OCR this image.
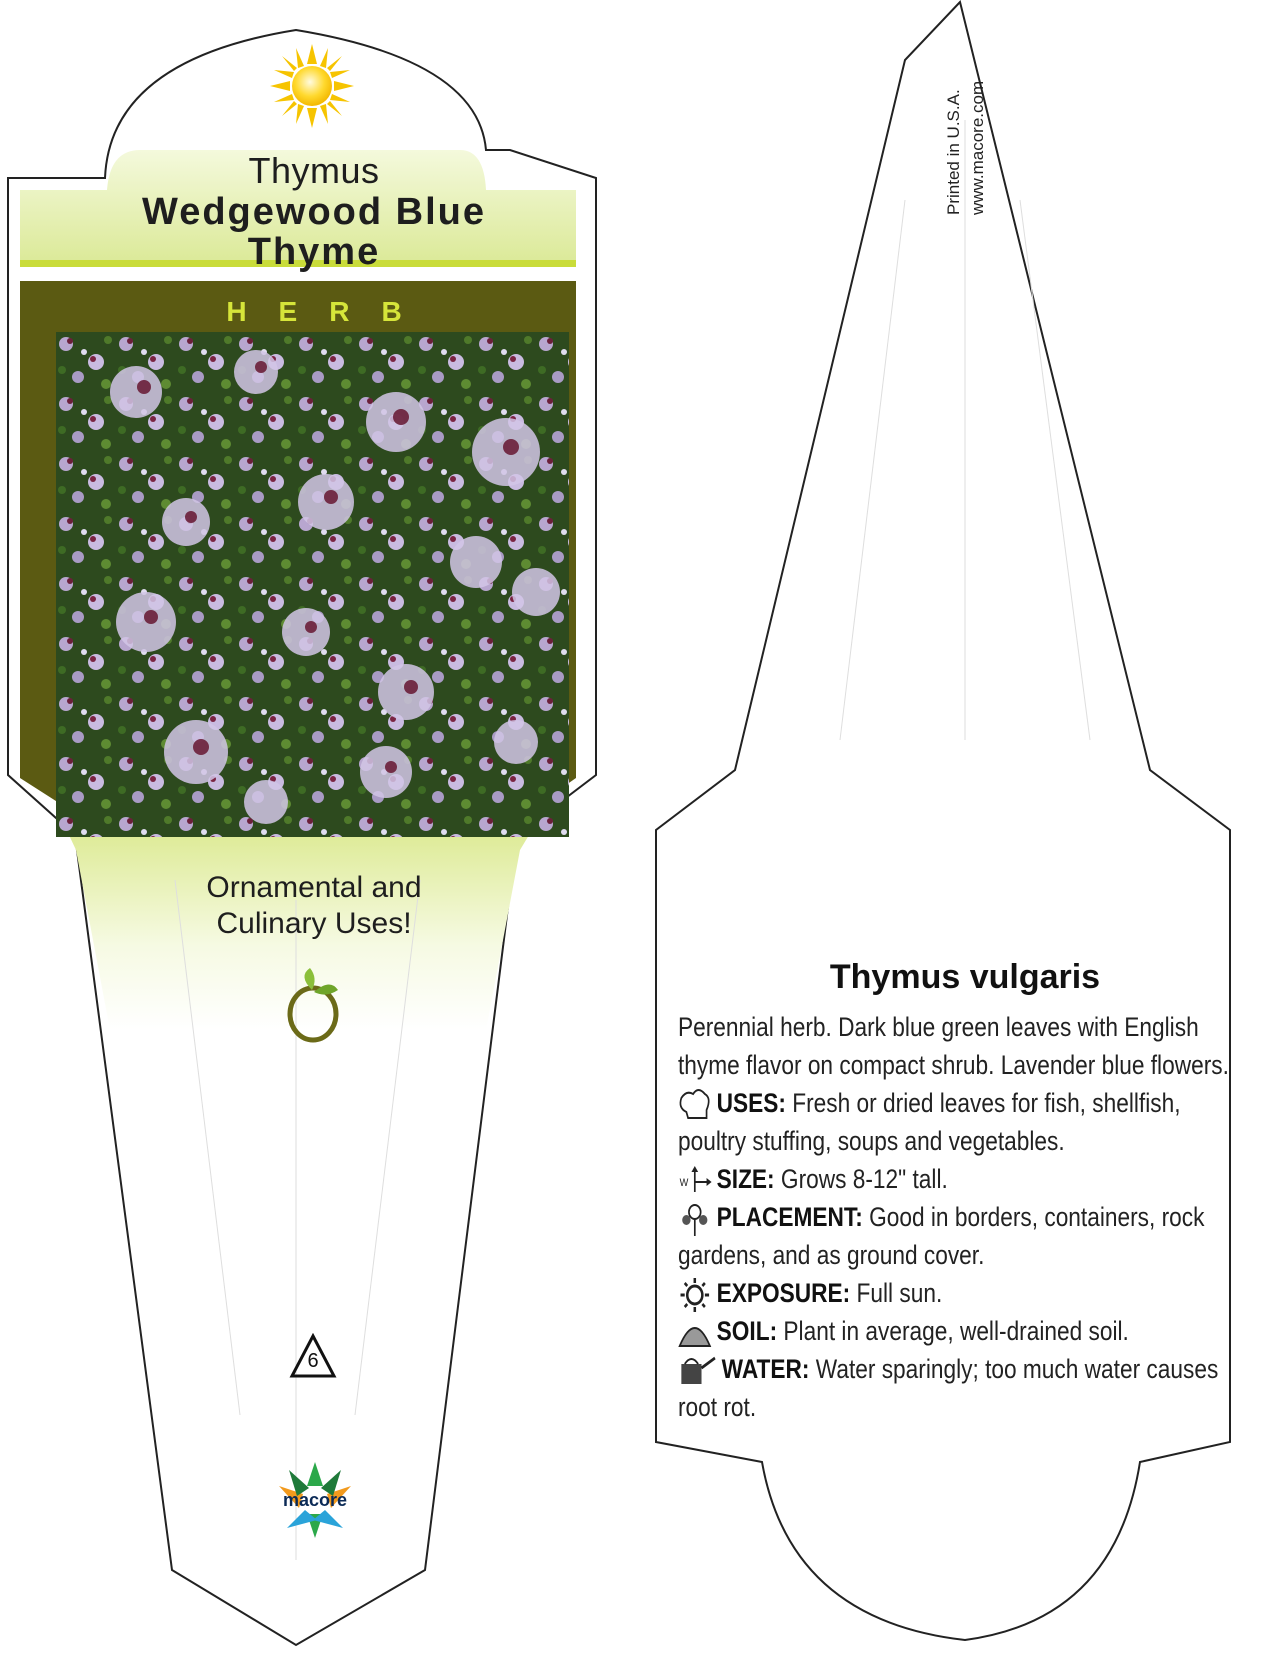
Thymus
Wedgewood Blue
Thyme
HERB
Ornamental and
Culinary Uses!
6
macore
Printed in U.S.A. www.macore.com
Thymus vulgaris
Perennial herb. Dark blue green leaves with English
thyme flavor on compact shrub. Lavender blue flowers.
USES: Fresh or dried leaves for fish, shellfish,
poultry stuffing, soups and vegetables.
W SIZE: Grows 8-12" tall.
PLACEMENT: Good in borders, containers, rock
gardens, and as ground cover.
EXPOSURE: Full sun.
SOIL: Plant in average, well-drained soil.
WATER: Water sparingly; too much water causes
root rot.
